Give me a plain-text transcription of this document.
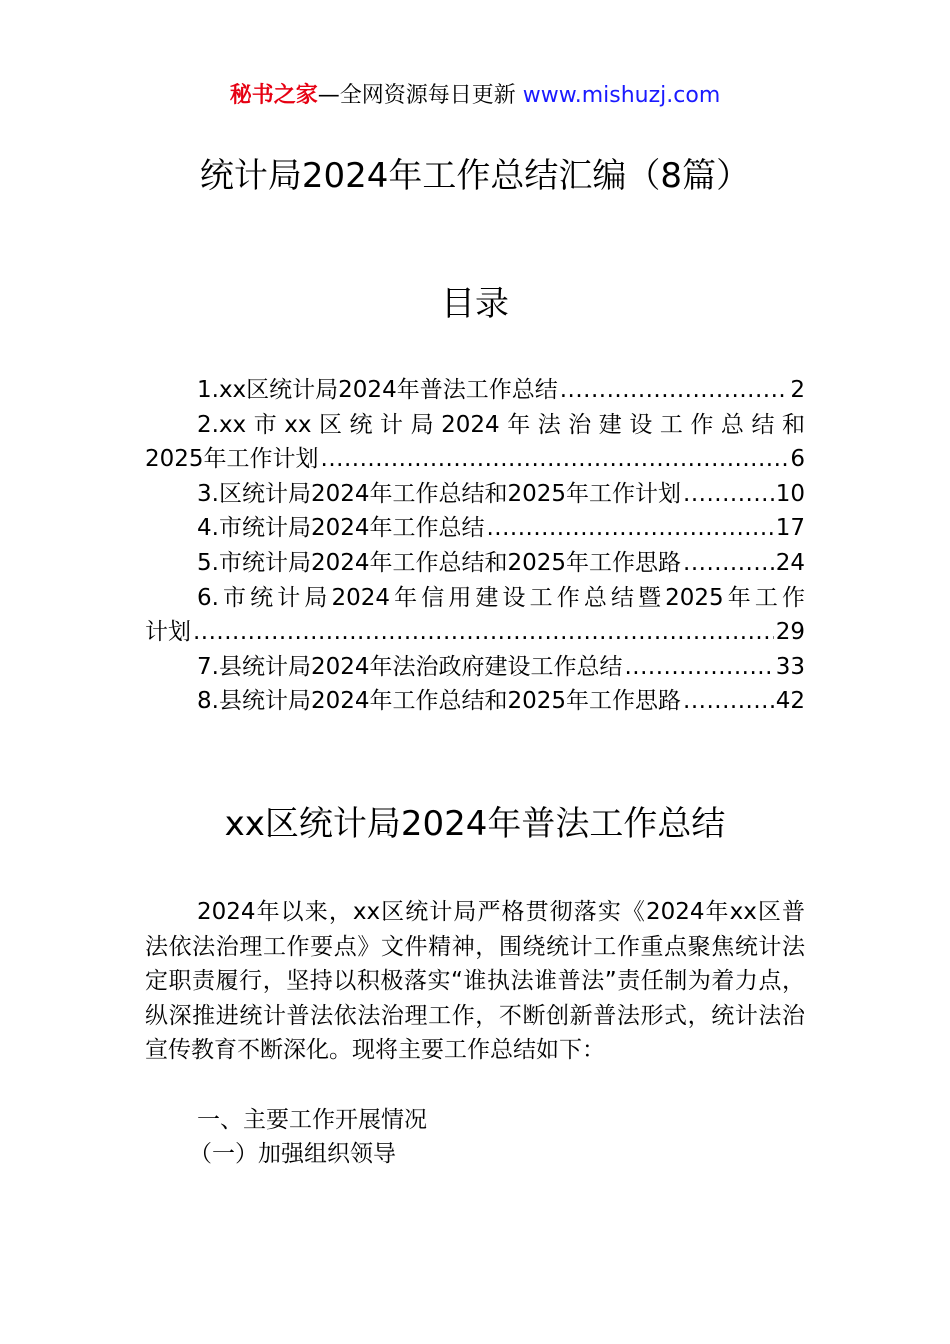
秘书之家—全网资源每日更新 www.mishuzj.com
统计局2024年工作总结汇编（8篇）
目录
1.xx区统计局2024年普法工作总结 .....	2
2.xx市xx区统计局2024年法治建设工作总结和
2025年工作计划 .....	6
3.区统计局2024年工作总结和2025年工作计划 .....	10
4.市统计局2024年工作总结 .....	17
5.市统计局2024年工作总结和2025年工作思路 .....	24
6.市统计局2024年信用建设工作总结暨2025年工作
计划 .....	29
7.县统计局2024年法治政府建设工作总结 .....	33
8.县统计局2024年工作总结和2025年工作思路 .....	42
xx区统计局2024年普法工作总结

2024年以来，xx区统计局严格贯彻落实《2024年xx区普法依法治理工作要点》文件精神，围绕统计工作重点聚焦统计法定职责履行，坚持以积极落实“谁执法谁普法”责任制为着力点，纵深推进统计普法依法治理工作，不断创新普法形式，统计法治宣传教育不断深化。现将主要工作总结如下：

一、主要工作开展情况

（一）加强组织领导
